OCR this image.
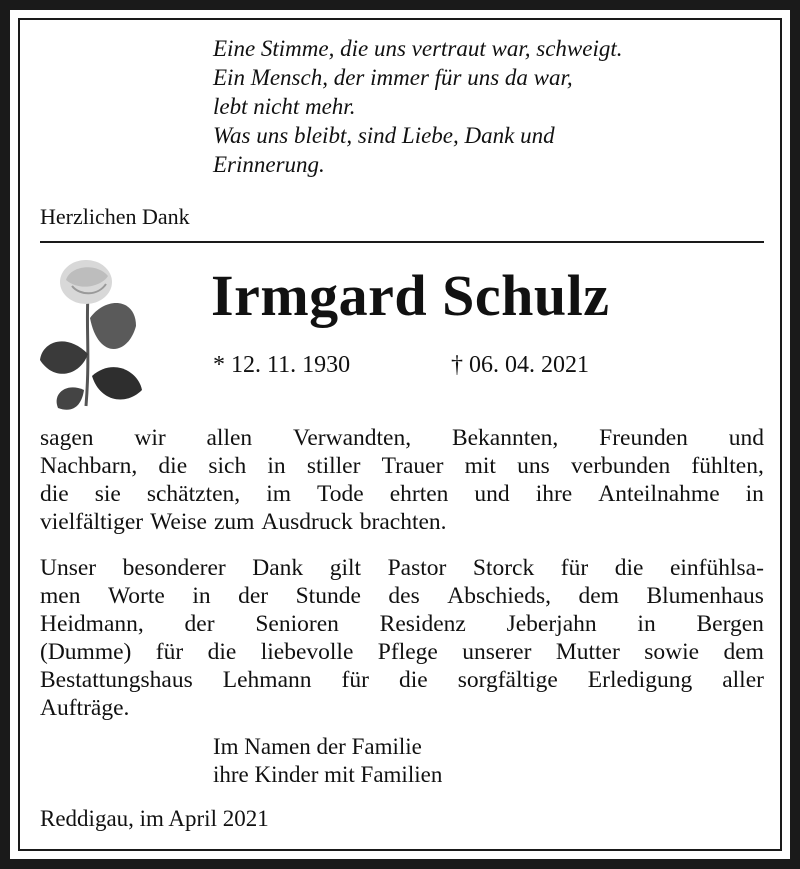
Eine Stimme, die uns vertraut war, schweigt.
Ein Mensch, der immer für uns da war,
lebt nicht mehr.
Was uns bleibt, sind Liebe, Dank und
Erinnerung.
Herzlichen Dank
Irmgard Schulz
* 12. 11. 1930	† 06. 04. 2021
sagen wir allen Verwandten, Bekannten, Freunden und
Nachbarn, die sich in stiller Trauer mit uns verbunden fühlten,
die sie schätzten, im Tode ehrten und ihre Anteilnahme in
vielfältiger Weise zum Ausdruck brachten.
Unser besonderer Dank gilt Pastor Storck für die einfühlsa-
men Worte in der Stunde des Abschieds, dem Blumenhaus
Heidmann, der Senioren Residenz Jeberjahn in Bergen
(Dumme) für die liebevolle Pflege unserer Mutter sowie dem
Bestattungshaus Lehmann für die sorgfältige Erledigung aller
Aufträge.
Im Namen der Familie
ihre Kinder mit Familien
Reddigau, im April 2021
